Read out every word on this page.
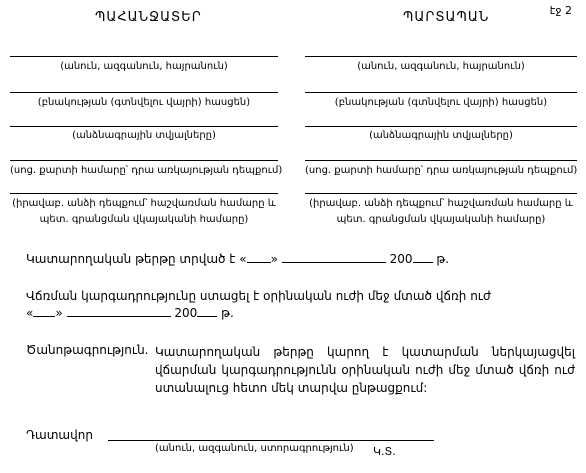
էջ 2
ՊԱՀԱՆՋԱՏԵՐ
(անուն, ազգանուն, հայրանուն)
(բնակության (գտնվելու վայրի) հասցեն)
(անձնագրային տվյալները)
(սոց. քարտի համարը՝ դրա առկայության դեպքում)
(իրավաբ. անձի դեպքում՝ հաշվառման համարը և
պետ. գրանցման վկայականի համարը)
ՊԱՐՏԱՊԱՆ
(անուն, ազգանուն, հայրանուն)
(բնակության (գտնվելու վայրի) հասցեն)
(անձնագրային տվյալները)
(սոց. քարտի համարը՝ դրա առկայության դեպքում)
(իրավաբ. անձի դեպքում՝ հաշվառման համարը և
պետ. գրանցման վկայականի համարը)
Կատարողական թերթը տրված է « »	200 թ.
Վճռման կարգադրությունը ստացել է օրինական ուժի մեջ մտած վճռի ուժ
« »	200 թ.
Ծանոթագրություն. Կատարողական թերթը կարող է կատարման ներկայացվել վճարման կարգադրությունն օրինական ուժի մեջ մտած վճռի ուժ ստանալուց հետո մեկ տարվա ընթացքում:
Դատավոր
(անուն, ազգանուն, ստորագրություն) Կ.Տ.
